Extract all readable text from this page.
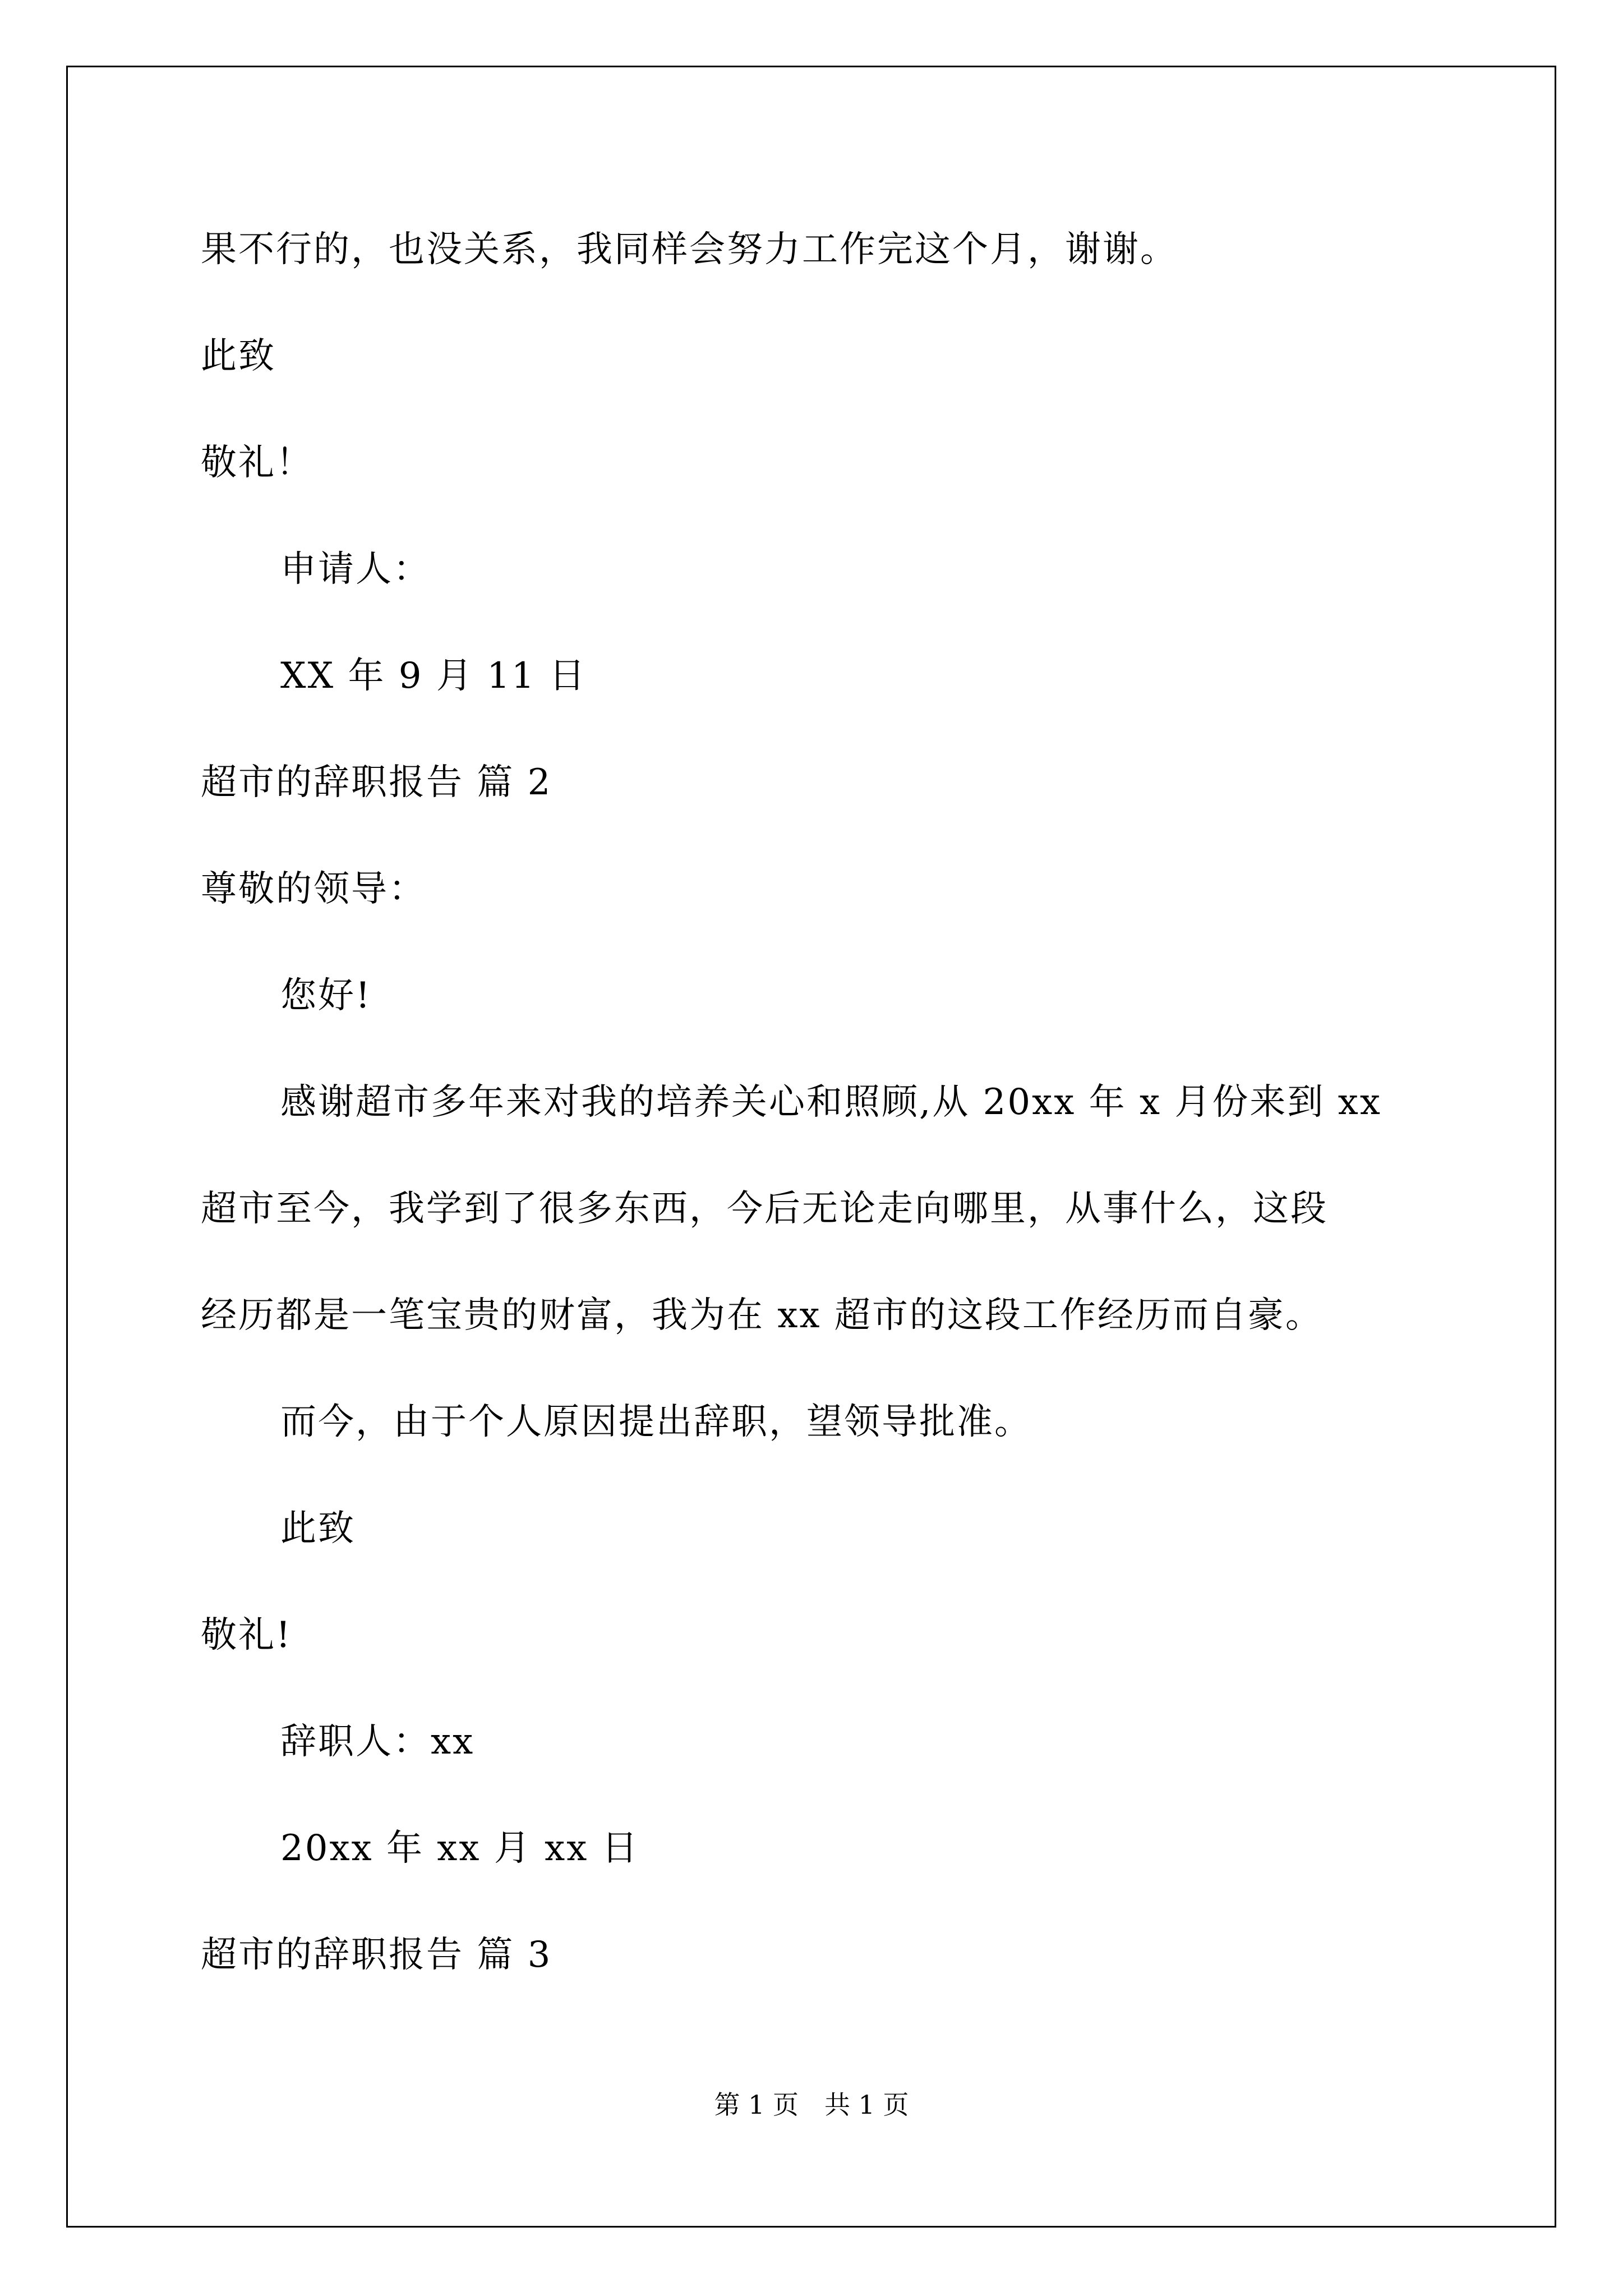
果不行的，也没关系，我同样会努力工作完这个月，谢谢。
此致
敬礼！
申请人：
XX 年 9 月 11 日
超市的辞职报告 篇 2
尊敬的领导：
您好!
感谢超市多年来对我的培养关心和照顾,从 20xx 年 x 月份来到 xx
超市至今，我学到了很多东西，今后无论走向哪里，从事什么，这段
经历都是一笔宝贵的财富，我为在 xx 超市的这段工作经历而自豪。
而今，由于个人原因提出辞职，望领导批准。
此致
敬礼!
辞职人：xx
20xx 年 xx 月 xx 日
超市的辞职报告 篇 3
第 1 页　共 1 页
